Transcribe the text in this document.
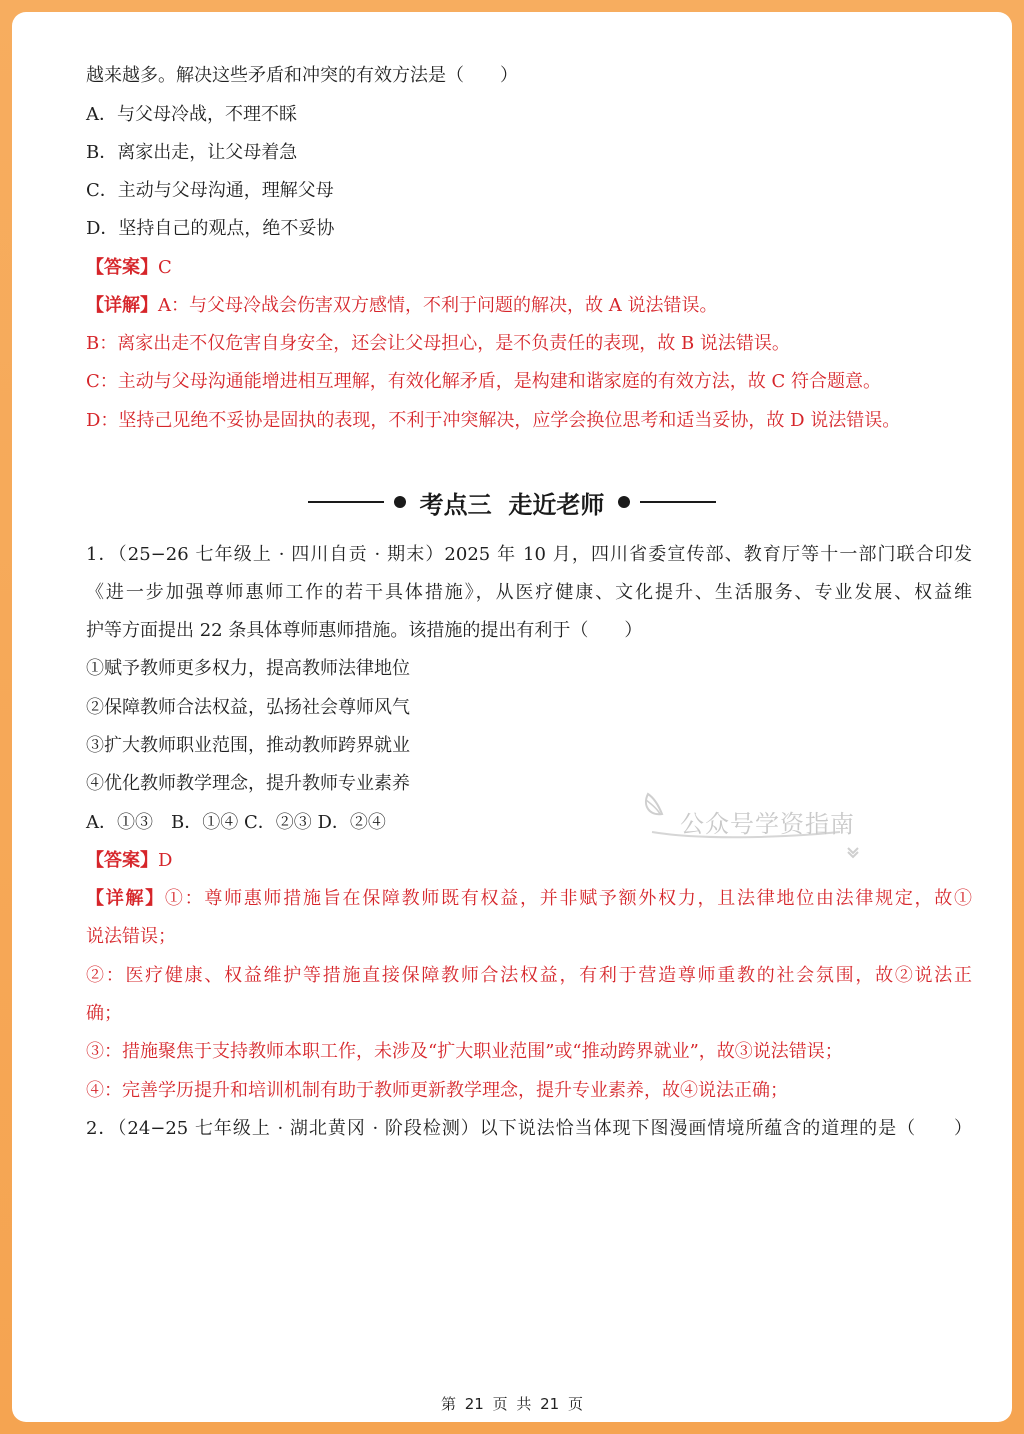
越来越多。解决这些矛盾和冲突的有效方法是（　　）
A．与父母冷战，不理不睬
B．离家出走，让父母着急
C．主动与父母沟通，理解父母
D．坚持自己的观点，绝不妥协
【答案】C
【详解】A：与父母冷战会伤害双方感情，不利于问题的解决，故 A 说法错误。
B：离家出走不仅危害自身安全，还会让父母担心，是不负责任的表现，故 B 说法错误。
C：主动与父母沟通能增进相互理解，有效化解矛盾，是构建和谐家庭的有效方法，故 C 符合题意。
D：坚持己见绝不妥协是固执的表现，不利于冲突解决，应学会换位思考和适当妥协，故 D 说法错误。
考点三  走近老师
1．（25−26 七年级上 · 四川自贡 · 期末）2025 年 10 月，四川省委宣传部、教育厅等十一部门联合印发
《进一步加强尊师惠师工作的若干具体措施》，从医疗健康、文化提升、生活服务、专业发展、权益维
护等方面提出 22 条具体尊师惠师措施。该措施的提出有利于（　　）
①赋予教师更多权力，提高教师法律地位
②保障教师合法权益，弘扬社会尊师风气
③扩大教师职业范围，推动教师跨界就业
④优化教师教学理念，提升教师专业素养
A．①③　B．①④ C．②③ D．②④
【答案】D
【详解】①：尊师惠师措施旨在保障教师既有权益，并非赋予额外权力，且法律地位由法律规定，故①
说法错误；
②：医疗健康、权益维护等措施直接保障教师合法权益，有利于营造尊师重教的社会氛围，故②说法正
确；
③：措施聚焦于支持教师本职工作，未涉及“扩大职业范围”或“推动跨界就业”，故③说法错误；
④：完善学历提升和培训机制有助于教师更新教学理念，提升专业素养，故④说法正确；
2．（24−25 七年级上 · 湖北黄冈 · 阶段检测）以下说法恰当体现下图漫画情境所蕴含的道理的是（　　）
公众号学资指南
第 21 页 共 21 页
